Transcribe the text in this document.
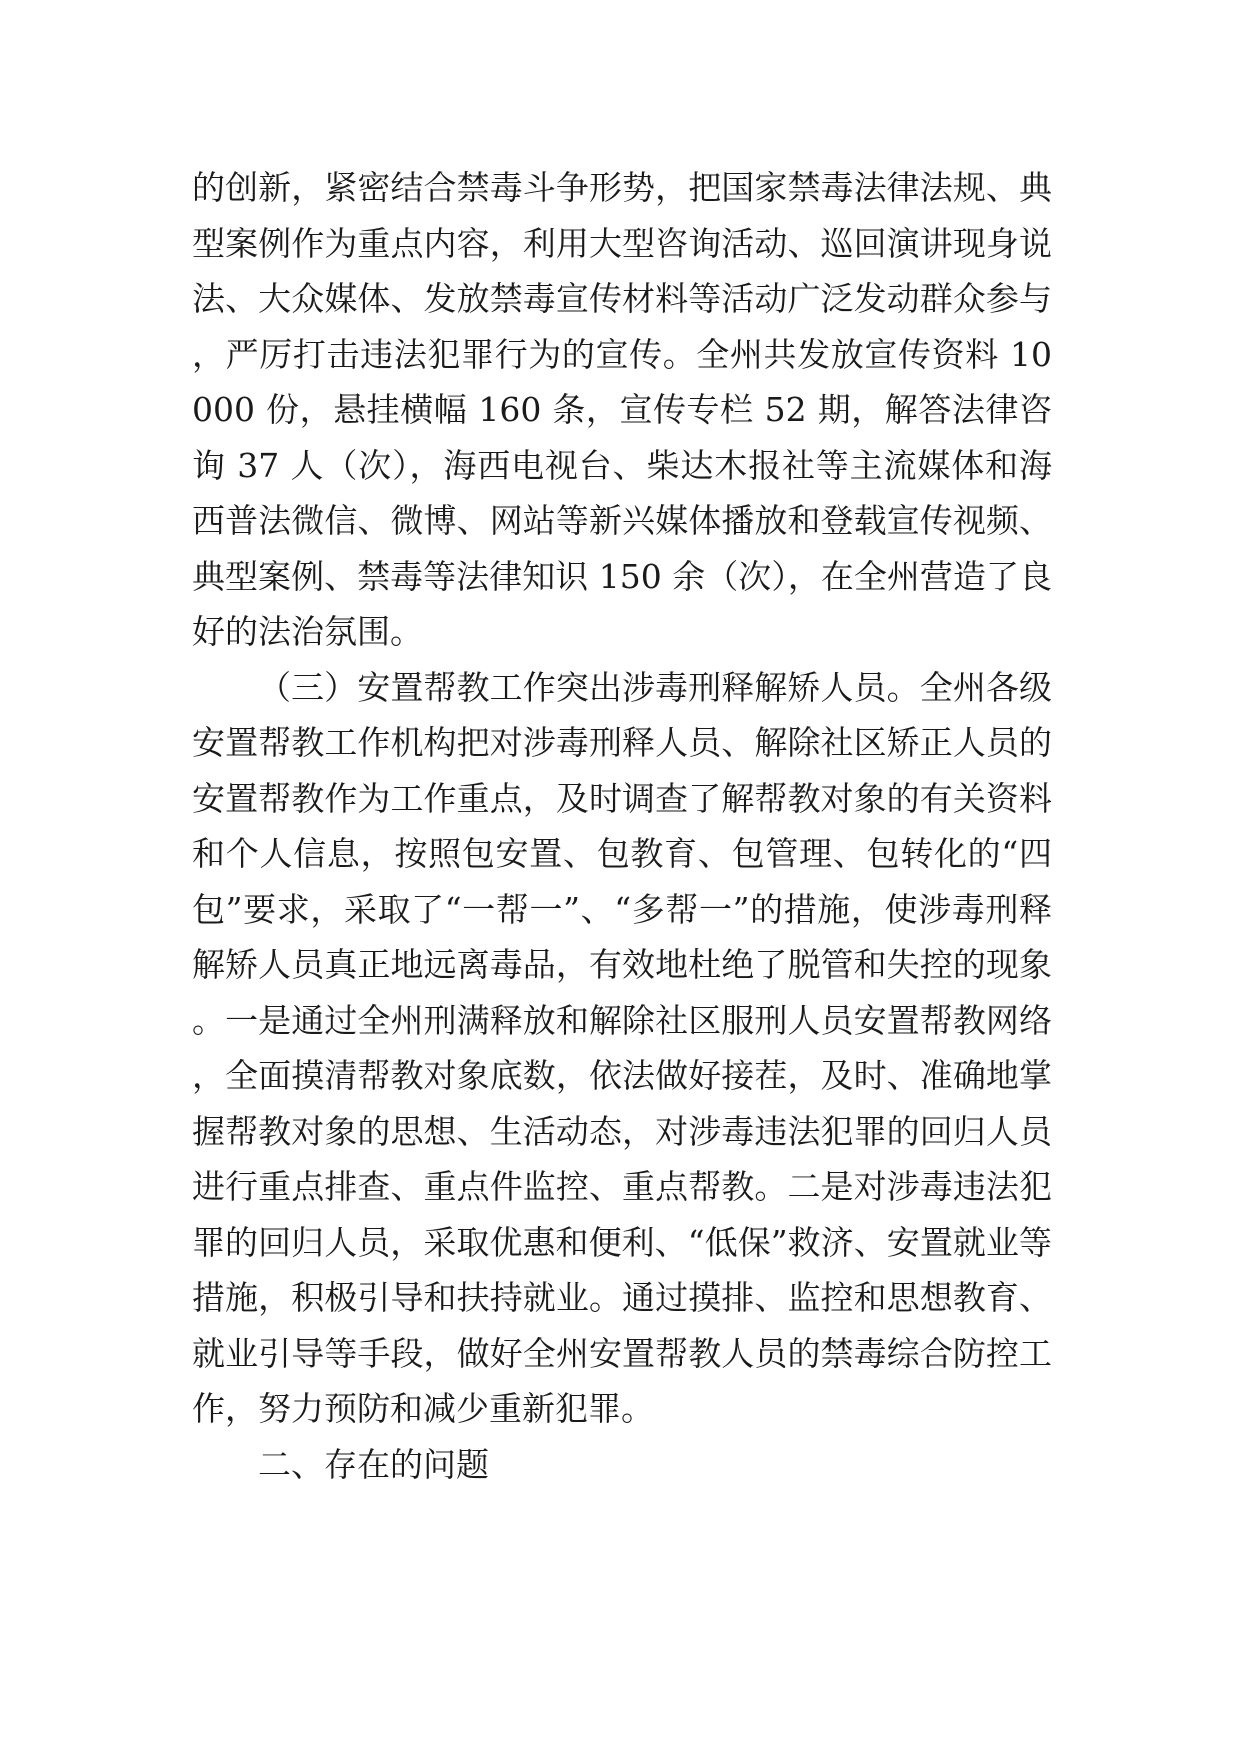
的创新，紧密结合禁毒斗争形势，把国家禁毒法律法规、典型案例作为重点内容，利用大型咨询活动、巡回演讲现身说法、大众媒体、发放禁毒宣传材料等活动广泛发动群众参与，严厉打击违法犯罪行为的宣传。全州共发放宣传资料 10000 份，悬挂横幅 160 条，宣传专栏 52 期，解答法律咨询 37 人（次），海西电视台、柴达木报社等主流媒体和海西普法微信、微博、网站等新兴媒体播放和登载宣传视频、典型案例、禁毒等法律知识 150 余（次），在全州营造了良好的法治氛围。

（三）安置帮教工作突出涉毒刑释解矫人员。全州各级安置帮教工作机构把对涉毒刑释人员、解除社区矫正人员的安置帮教作为工作重点，及时调查了解帮教对象的有关资料和个人信息，按照包安置、包教育、包管理、包转化的“四包”要求，采取了“一帮一”、“多帮一”的措施，使涉毒刑释解矫人员真正地远离毒品，有效地杜绝了脱管和失控的现象。一是通过全州刑满释放和解除社区服刑人员安置帮教网络，全面摸清帮教对象底数，依法做好接茬，及时、准确地掌握帮教对象的思想、生活动态，对涉毒违法犯罪的回归人员进行重点排查、重点件监控、重点帮教。二是对涉毒违法犯罪的回归人员，采取优惠和便利、“低保”救济、安置就业等措施，积极引导和扶持就业。通过摸排、监控和思想教育、就业引导等手段，做好全州安置帮教人员的禁毒综合防控工作，努力预防和减少重新犯罪。

二、存在的问题
